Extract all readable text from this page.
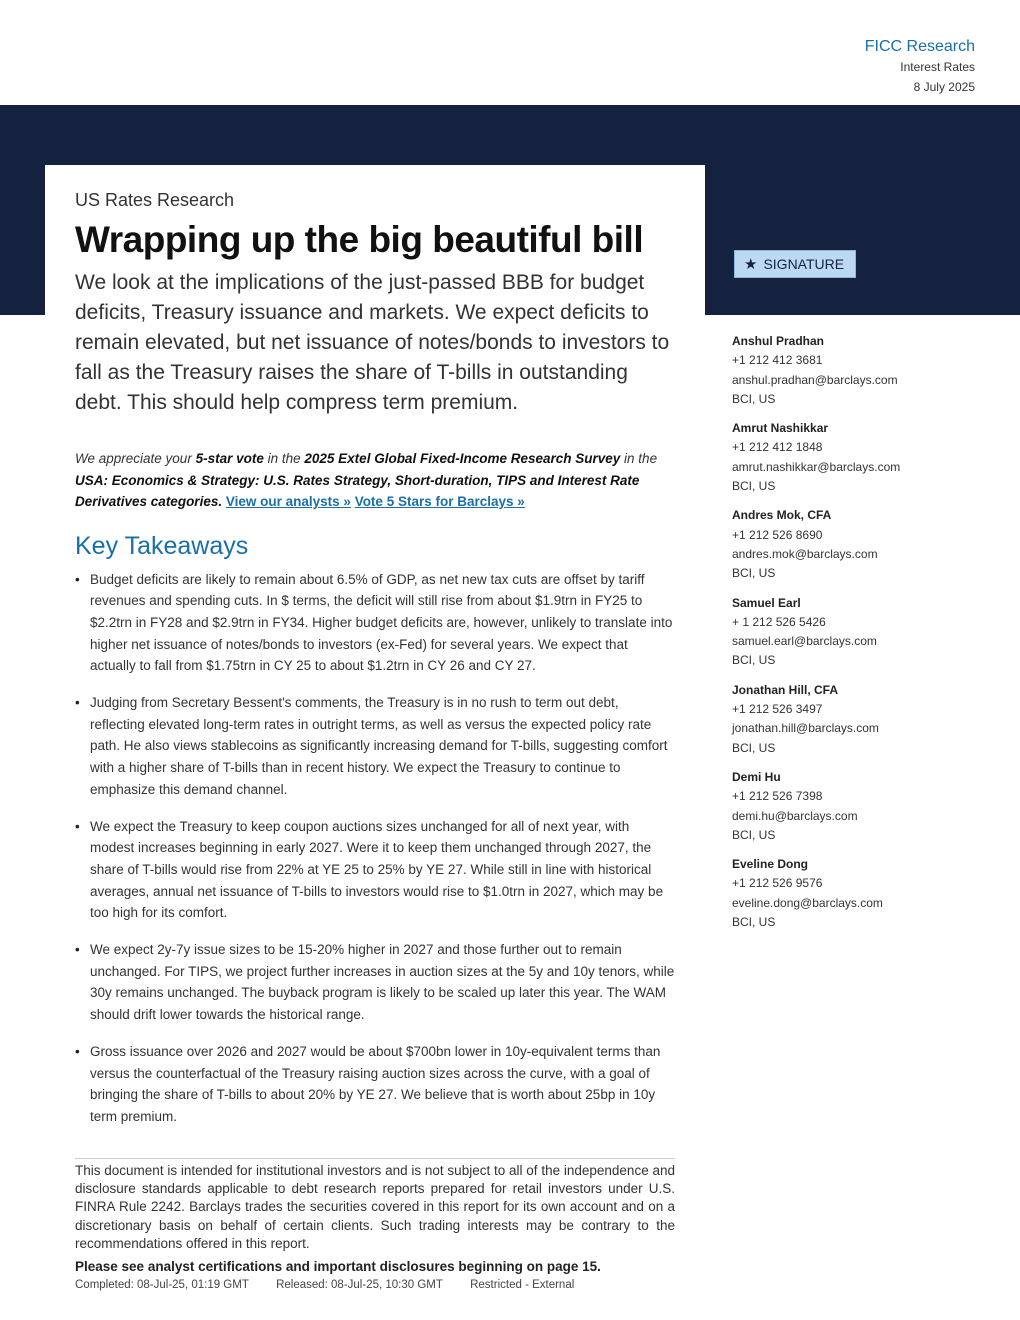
FICC Research
Interest Rates
8 July 2025
US Rates Research
Wrapping up the big beautiful bill
We look at the implications of the just-passed BBB for budget deficits, Treasury issuance and markets. We expect deficits to remain elevated, but net issuance of notes/bonds to investors to fall as the Treasury raises the share of T-bills in outstanding debt. This should help compress term premium.
We appreciate your 5-star vote in the 2025 Extel Global Fixed-Income Research Survey in the USA: Economics & Strategy: U.S. Rates Strategy, Short-duration, TIPS and Interest Rate Derivatives categories. View our analysts » Vote 5 Stars for Barclays »
Key Takeaways
• Budget deficits are likely to remain about 6.5% of GDP, as net new tax cuts are offset by tariff revenues and spending cuts. In $ terms, the deficit will still rise from about $1.9trn in FY25 to $2.2trn in FY28 and $2.9trn in FY34. Higher budget deficits are, however, unlikely to translate into higher net issuance of notes/bonds to investors (ex-Fed) for several years. We expect that actually to fall from $1.75trn in CY 25 to about $1.2trn in CY 26 and CY 27.
• Judging from Secretary Bessent's comments, the Treasury is in no rush to term out debt, reflecting elevated long-term rates in outright terms, as well as versus the expected policy rate path. He also views stablecoins as significantly increasing demand for T-bills, suggesting comfort with a higher share of T-bills than in recent history. We expect the Treasury to continue to emphasize this demand channel.
• We expect the Treasury to keep coupon auctions sizes unchanged for all of next year, with modest increases beginning in early 2027. Were it to keep them unchanged through 2027, the share of T-bills would rise from 22% at YE 25 to 25% by YE 27. While still in line with historical averages, annual net issuance of T-bills to investors would rise to $1.0trn in 2027, which may be too high for its comfort.
• We expect 2y-7y issue sizes to be 15-20% higher in 2027 and those further out to remain unchanged. For TIPS, we project further increases in auction sizes at the 5y and 10y tenors, while 30y remains unchanged. The buyback program is likely to be scaled up later this year. The WAM should drift lower towards the historical range.
• Gross issuance over 2026 and 2027 would be about $700bn lower in 10y-equivalent terms than versus the counterfactual of the Treasury raising auction sizes across the curve, with a goal of bringing the share of T-bills to about 20% by YE 27. We believe that is worth about 25bp in 10y term premium.
This document is intended for institutional investors and is not subject to all of the independence and disclosure standards applicable to debt research reports prepared for retail investors under U.S. FINRA Rule 2242. Barclays trades the securities covered in this report for its own account and on a discretionary basis on behalf of certain clients. Such trading interests may be contrary to the recommendations offered in this report.
Please see analyst certifications and important disclosures beginning on page 15.
Completed: 08-Jul-25, 01:19 GMT Released: 08-Jul-25, 10:30 GMT Restricted - External
★ SIGNATURE
Anshul Pradhan
+1 212 412 3681
anshul.pradhan@barclays.com
BCI, US
Amrut Nashikkar
+1 212 412 1848
amrut.nashikkar@barclays.com
BCI, US
Andres Mok, CFA
+1 212 526 8690
andres.mok@barclays.com
BCI, US
Samuel Earl
+ 1 212 526 5426
samuel.earl@barclays.com
BCI, US
Jonathan Hill, CFA
+1 212 526 3497
jonathan.hill@barclays.com
BCI, US
Demi Hu
+1 212 526 7398
demi.hu@barclays.com
BCI, US
Eveline Dong
+1 212 526 9576
eveline.dong@barclays.com
BCI, US
